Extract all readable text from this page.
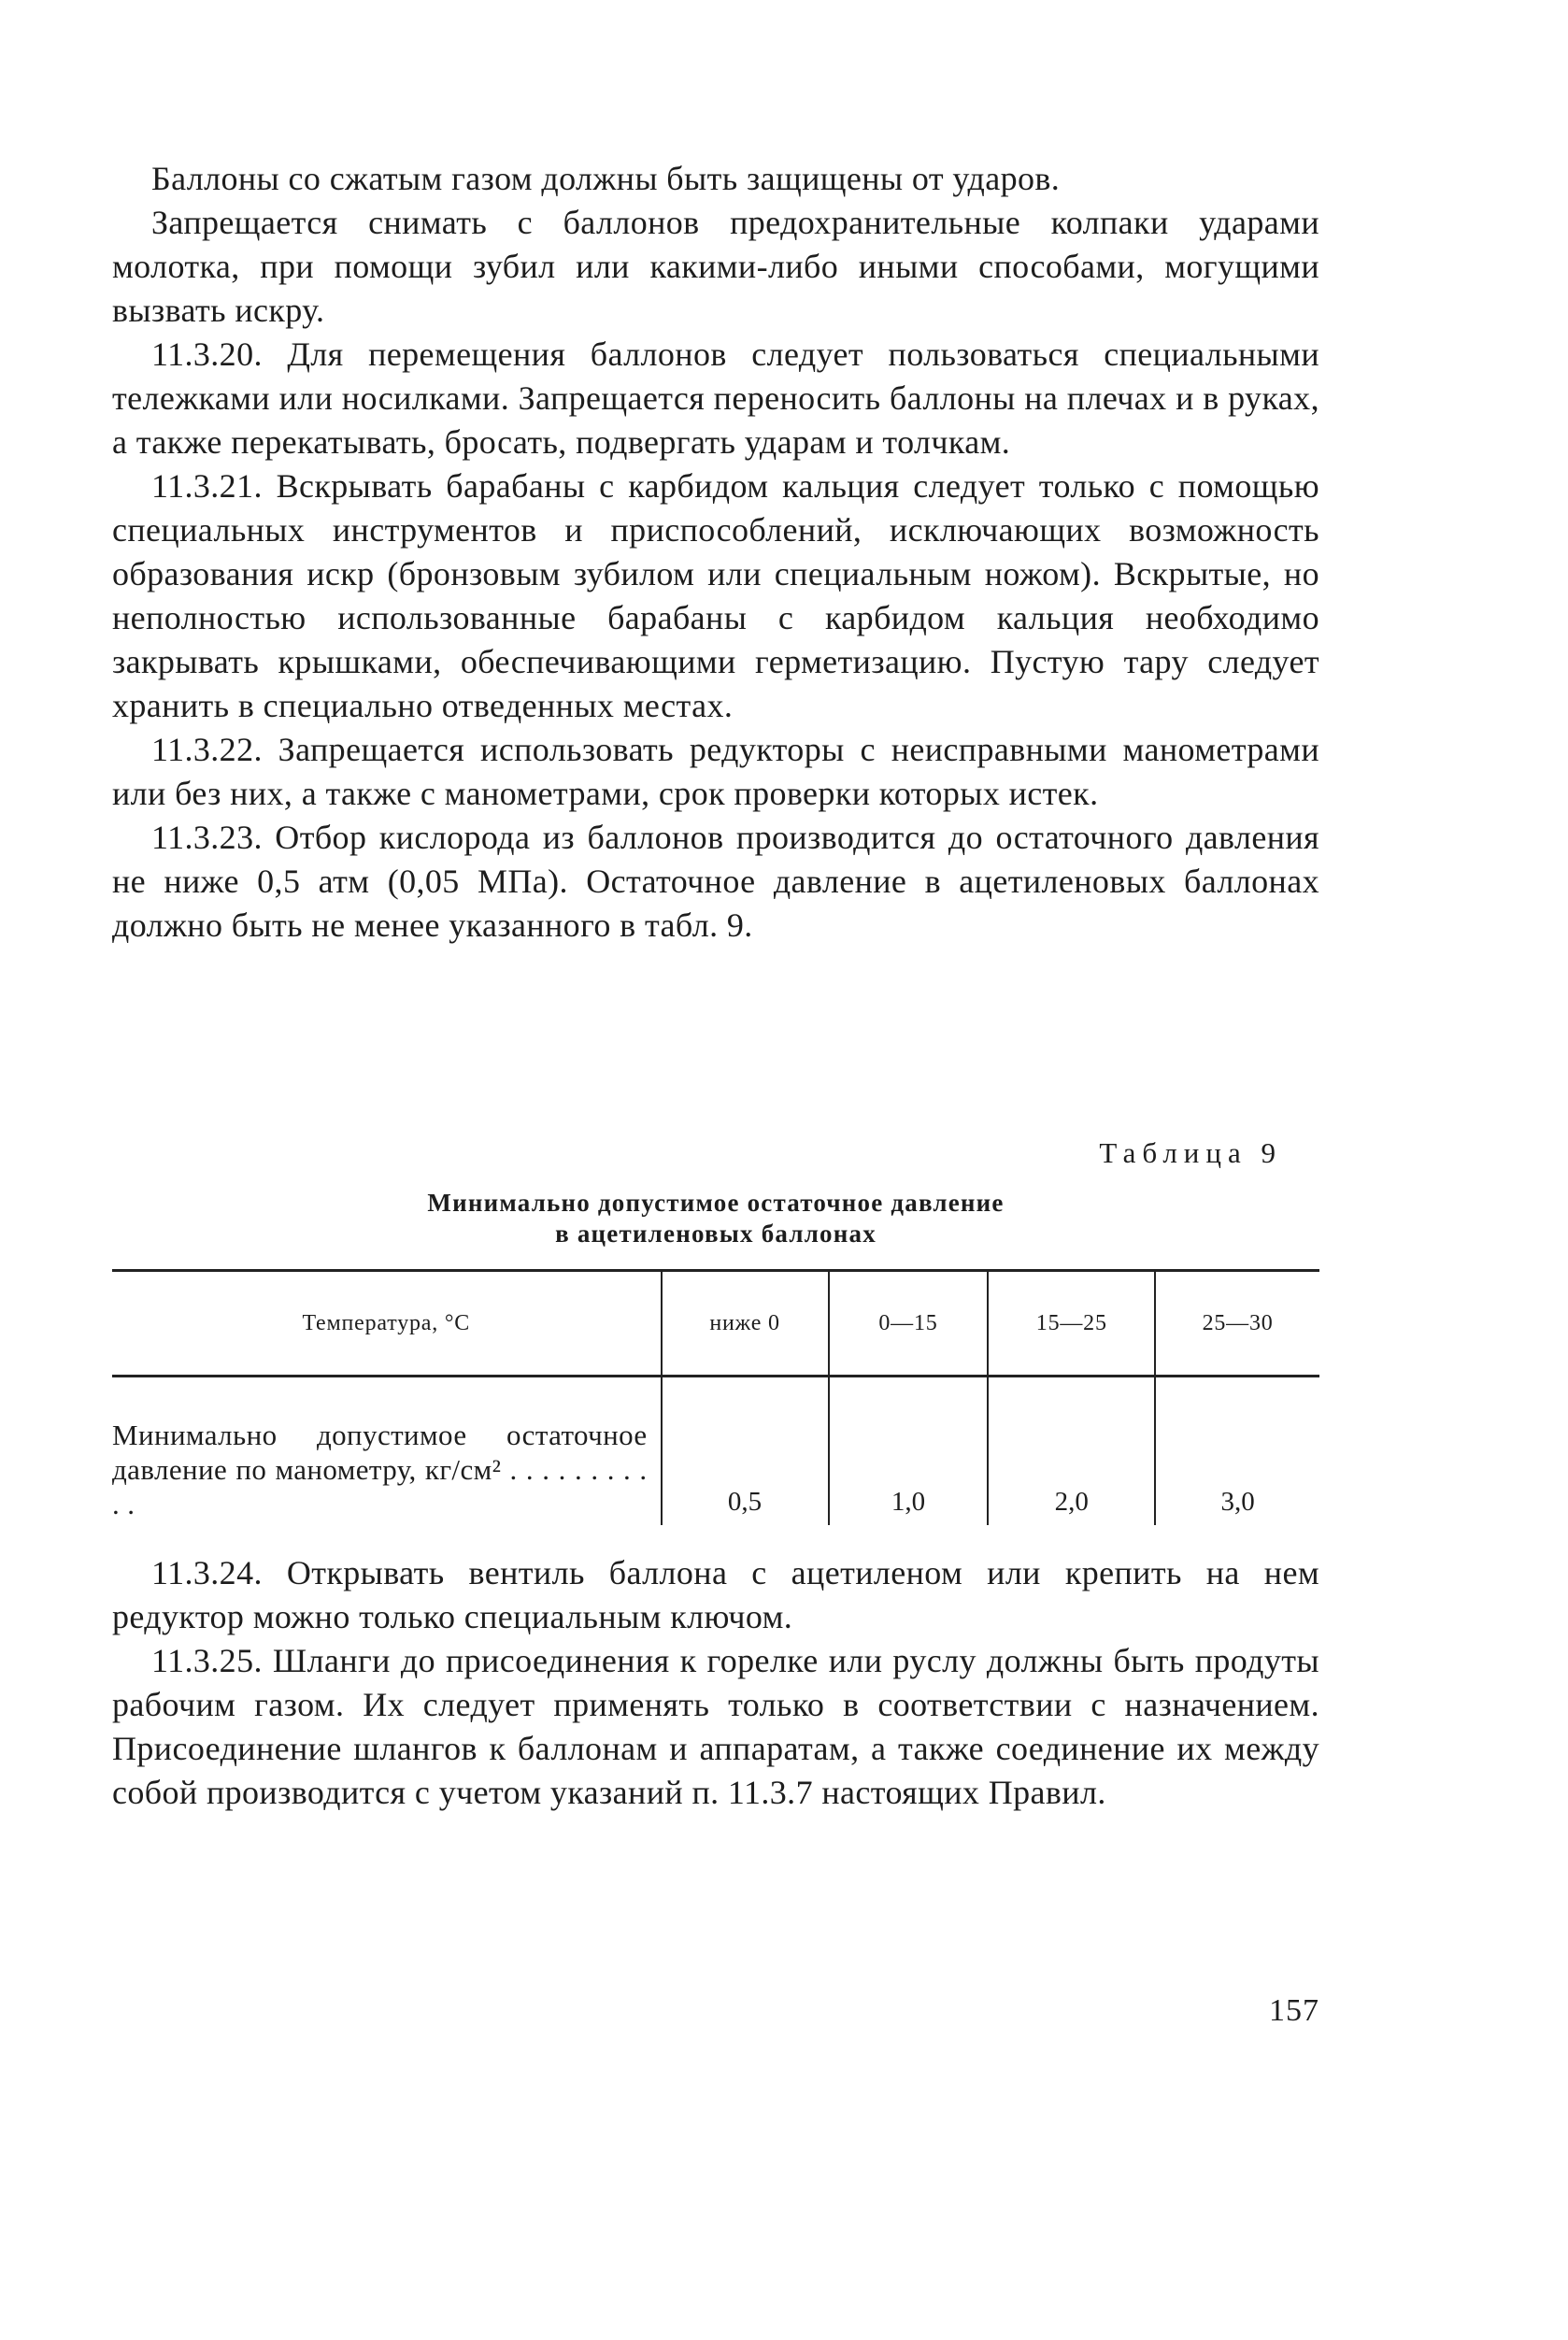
Баллоны со сжатым газом должны быть защищены от ударов.

Запрещается снимать с баллонов предохранительные колпаки ударами молотка, при помощи зубил или какими-либо иными способами, могущими вызвать искру.

11.3.20. Для перемещения баллонов следует пользоваться специальными тележками или носилками. Запрещается переносить баллоны на плечах и в руках, а также перекатывать, бросать, подвергать ударам и толчкам.

11.3.21. Вскрывать барабаны с карбидом кальция следует только с помощью специальных инструментов и приспособлений, исключающих возможность образования искр (бронзовым зубилом или специальным ножом). Вскрытые, но неполностью использованные барабаны с карбидом кальция необходимо закрывать крышками, обеспечивающими герметизацию. Пустую тару следует хранить в специально отведенных местах.

11.3.22. Запрещается использовать редукторы с неисправными манометрами или без них, а также с манометрами, срок проверки которых истек.

11.3.23. Отбор кислорода из баллонов производится до остаточного давления не ниже 0,5 атм (0,05 МПа). Остаточное давление в ацетиленовых баллонах должно быть не менее указанного в табл. 9.

Таблица 9
Минимально допустимое остаточное давление
в ацетиленовых баллонах
Температура, °С	ниже 0	0—15	15—25	25—30
Минимально допустимое остаточное давление по манометру, кг/см² . . . . . . . . . . .	0,5	1,0	2,0	3,0

11.3.24. Открывать вентиль баллона с ацетиленом или крепить на нем редуктор можно только специальным ключом.

11.3.25. Шланги до присоединения к горелке или руслу должны быть продуты рабочим газом. Их следует применять только в соответствии с назначением. Присоединение шлангов к баллонам и аппаратам, а также соединение их между собой производится с учетом указаний п. 11.3.7 настоящих Правил.

157
